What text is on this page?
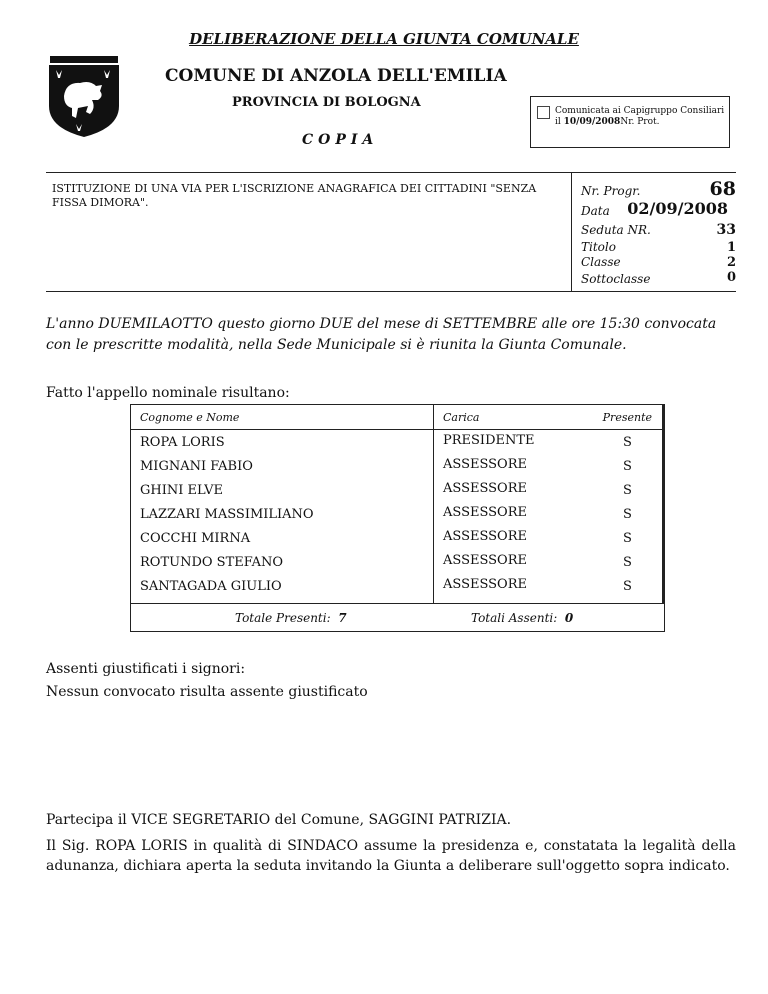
DELIBERAZIONE DELLA GIUNTA COMUNALE
COMUNE DI ANZOLA DELL'EMILIA
PROVINCIA DI BOLOGNA
COPIA
Comunicata ai Capigruppo Consiliari
il 10/09/2008Nr. Prot.
ISTITUZIONE DI UNA VIA PER L'ISCRIZIONE ANAGRAFICA DEI CITTADINI "SENZA FISSA DIMORA".
Nr. Progr.	68
Data 02/09/2008
Seduta NR.	33
Titolo	1
Classe	2
Sottoclasse	0
L'anno DUEMILAOTTO questo giorno DUE del mese di SETTEMBRE alle ore 15:30 convocata con le prescritte modalità, nella Sede Municipale si è riunita la Giunta Comunale.
Fatto l'appello nominale risultano:
Cognome e Nome	Carica	Presente
ROPA LORIS	PRESIDENTE	S
MIGNANI FABIO	ASSESSORE	S
GHINI ELVE	ASSESSORE	S
LAZZARI MASSIMILIANO	ASSESSORE	S
COCCHI MIRNA	ASSESSORE	S
ROTUNDO STEFANO	ASSESSORE	S
SANTAGADA GIULIO	ASSESSORE	S
Totale Presenti: 7	Totali Assenti: 0
Assenti giustificati i signori:
Nessun convocato risulta assente giustificato
Partecipa il VICE SEGRETARIO del Comune, SAGGINI PATRIZIA.
Il Sig. ROPA LORIS in qualità di SINDACO assume la presidenza e, constatata la legalità della adunanza, dichiara aperta la seduta invitando la Giunta a deliberare sull'oggetto sopra indicato.
